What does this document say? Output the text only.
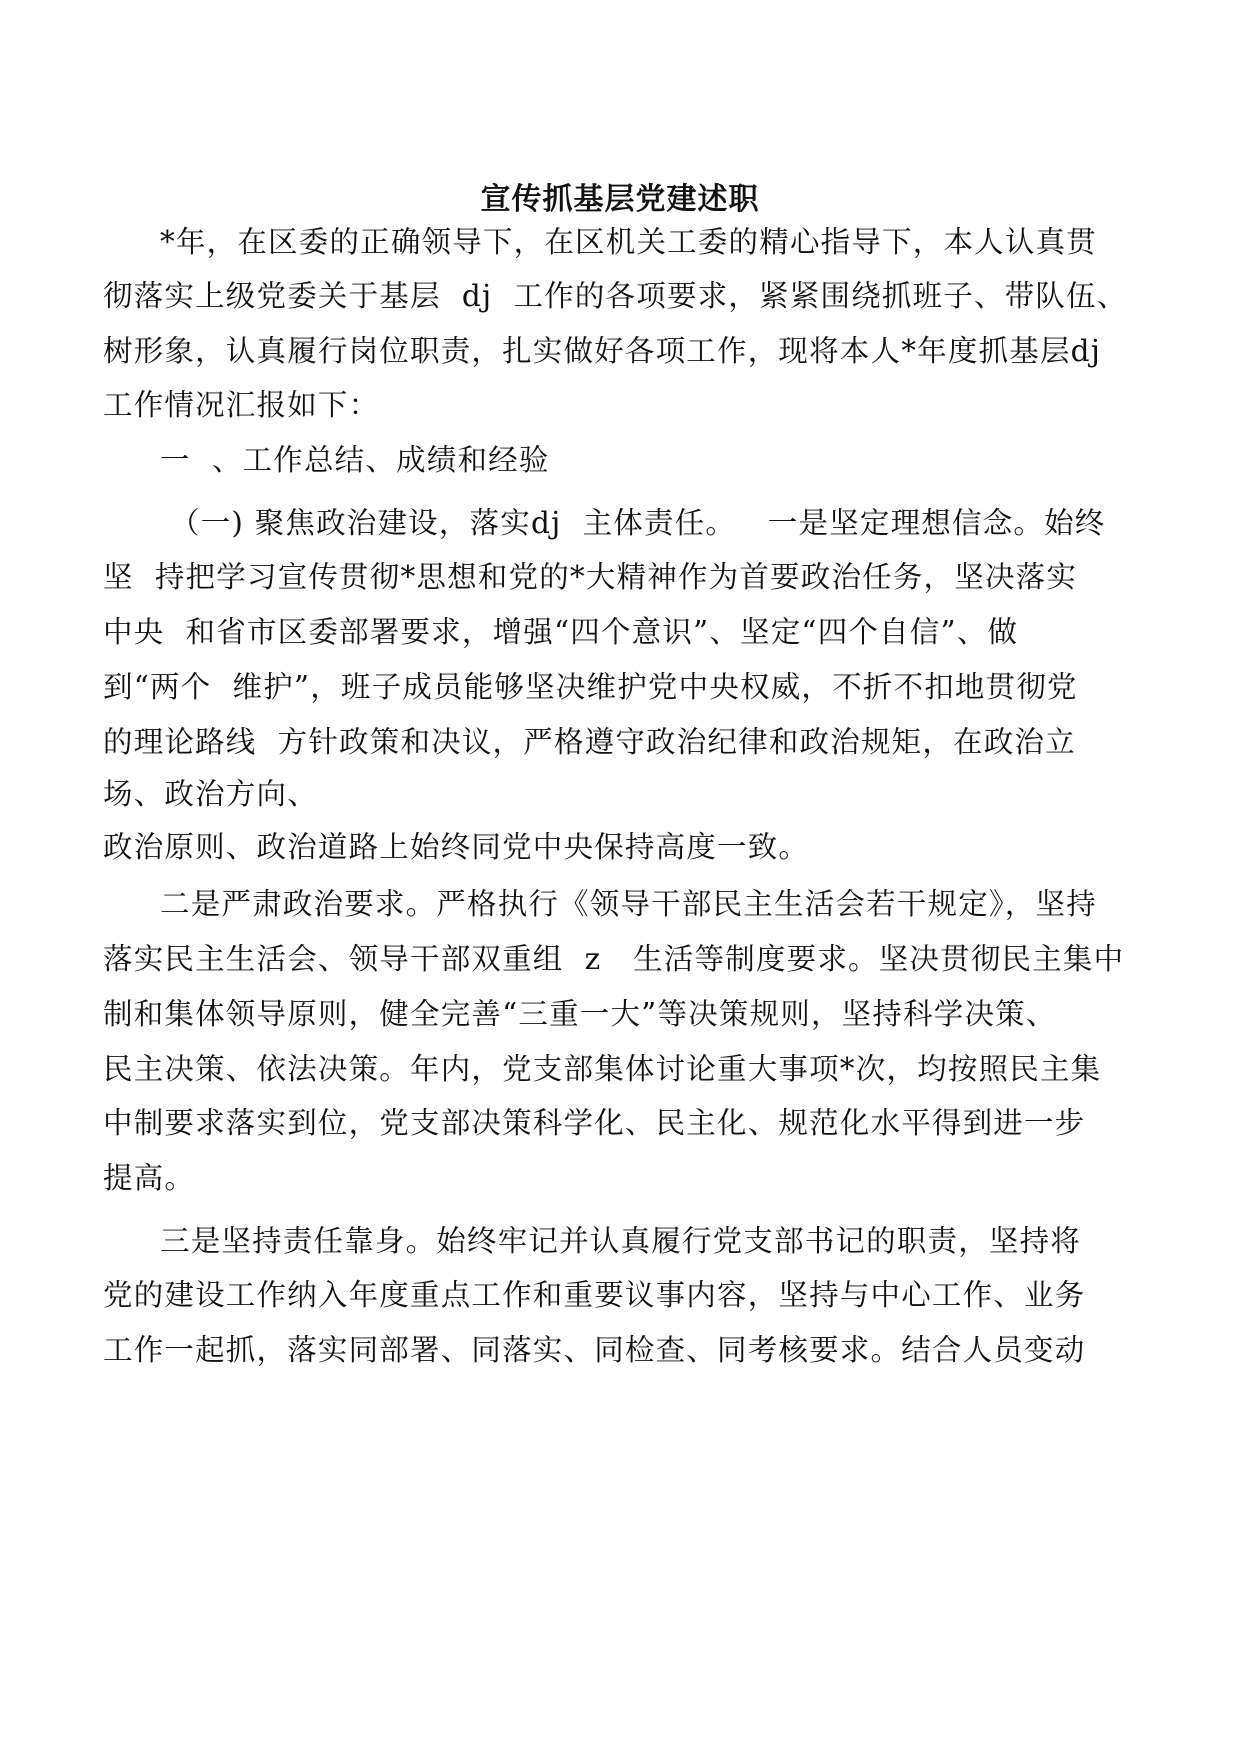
宣传抓基层党建述职
*年，在区委的正确领导下，在区机关工委的精心指导下，本人认真贯
彻落实上级党委关于基层  dj  工作的各项要求，紧紧围绕抓班子、带队伍、
树形象，认真履行岗位职责，扎实做好各项工作，现将本人*年度抓基层dj
工作情况汇报如下：
一  、工作总结、成绩和经验
（一) 聚焦政治建设，落实dj  主体责任。   一是坚定理想信念。始终
坚  持把学习宣传贯彻*思想和党的*大精神作为首要政治任务，坚决落实
中央  和省市区委部署要求，增强“四个意识”、坚定“四个自信”、做
到“两个  维护”，班子成员能够坚决维护党中央权威，不折不扣地贯彻党
的理论路线  方针政策和决议，严格遵守政治纪律和政治规矩，在政治立
场、政治方向、
政治原则、政治道路上始终同党中央保持高度一致。
二是严肃政治要求。严格执行《领导干部民主生活会若干规定》，坚持
落实民主生活会、领导干部双重组  z   生活等制度要求。坚决贯彻民主集中
制和集体领导原则，健全完善“三重一大”等决策规则，坚持科学决策、
民主决策、依法决策。年内，党支部集体讨论重大事项*次，均按照民主集
中制要求落实到位，党支部决策科学化、民主化、规范化水平得到进一步
提高。
三是坚持责任靠身。始终牢记并认真履行党支部书记的职责，坚持将
党的建设工作纳入年度重点工作和重要议事内容，坚持与中心工作、业务
工作一起抓，落实同部署、同落实、同检查、同考核要求。结合人员变动
